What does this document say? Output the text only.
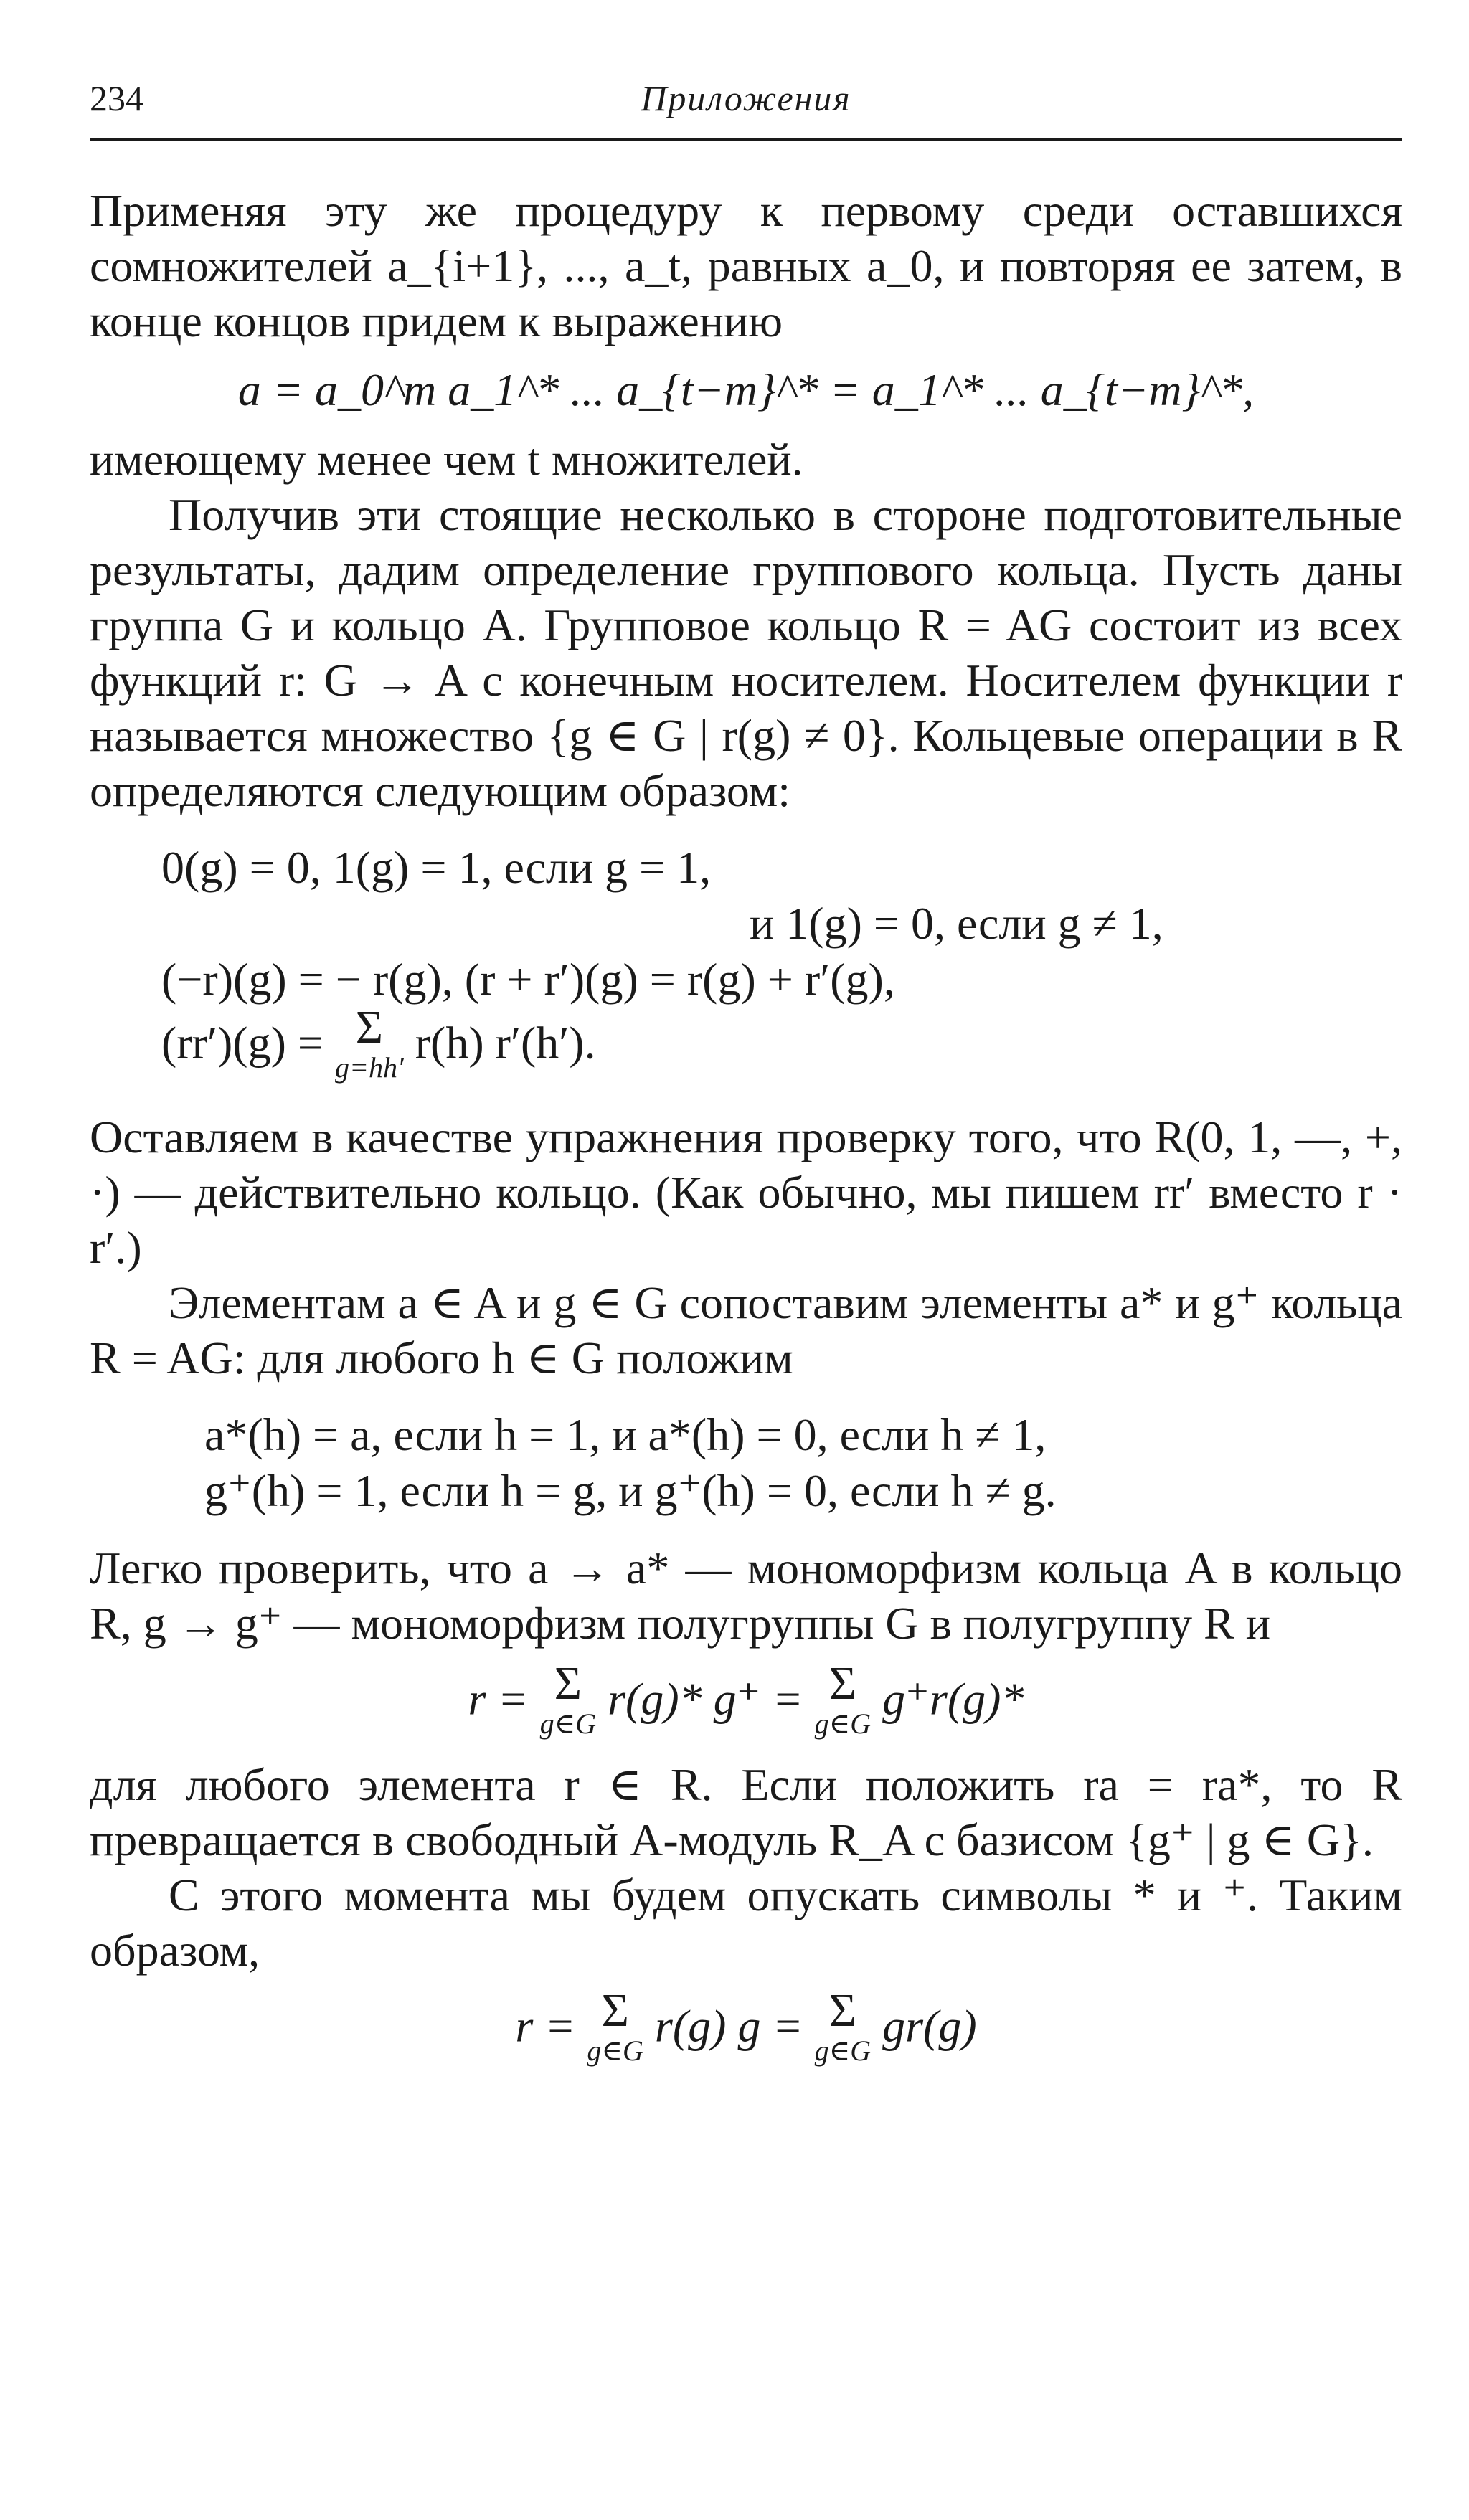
234	Приложения

Применяя эту же процедуру к первому среди оставшихся сомножителей a_{i+1}, ..., a_t, равных a_0, и повторяя ее затем, в конце концов придем к выражению

a = a_0^m a_1^* ... a_{t−m}^* = a_1^* ... a_{t−m}^*,

имеющему менее чем t множителей.

Получив эти стоящие несколько в стороне подготовительные результаты, дадим определение группового кольца. Пусть даны группа G и кольцо A. Групповое кольцо R = AG состоит из всех функций r: G → A с конечным носителем. Носителем функции r называется множество {g ∈ G | r(g) ≠ 0}. Кольцевые операции в R определяются следующим образом:

0(g) = 0, 1(g) = 1, если g = 1,
и 1(g) = 0, если g ≠ 1,
(−r)(g) = − r(g), (r + r′)(g) = r(g) + r′(g),
(rr′)(g) = Σ
g=hh′ r(h) r′(h′).

Оставляем в качестве упражнения проверку того, что R(0, 1, —, +, ·) — действительно кольцо. (Как обычно, мы пишем rr′ вместо r · r′.)

Элементам a ∈ A и g ∈ G сопоставим элементы a* и g⁺ кольца R = AG: для любого h ∈ G положим

a*(h) = a, если h = 1, и a*(h) = 0, если h ≠ 1,
g⁺(h) = 1, если h = g, и g⁺(h) = 0, если h ≠ g.

Легко проверить, что a → a* — мономорфизм кольца A в кольцо R, g → g⁺ — мономорфизм полугруппы G в полугруппу R и

r = Σ
g∈G r(g)* g⁺ = Σ
g∈G g⁺r(g)*

для любого элемента r ∈ R. Если положить ra = ra*, то R превращается в свободный A-модуль R_A с базисом {g⁺ | g ∈ G}.

С этого момента мы будем опускать символы * и ⁺. Таким образом,

r = Σ
g∈G r(g) g = Σ
g∈G gr(g)
